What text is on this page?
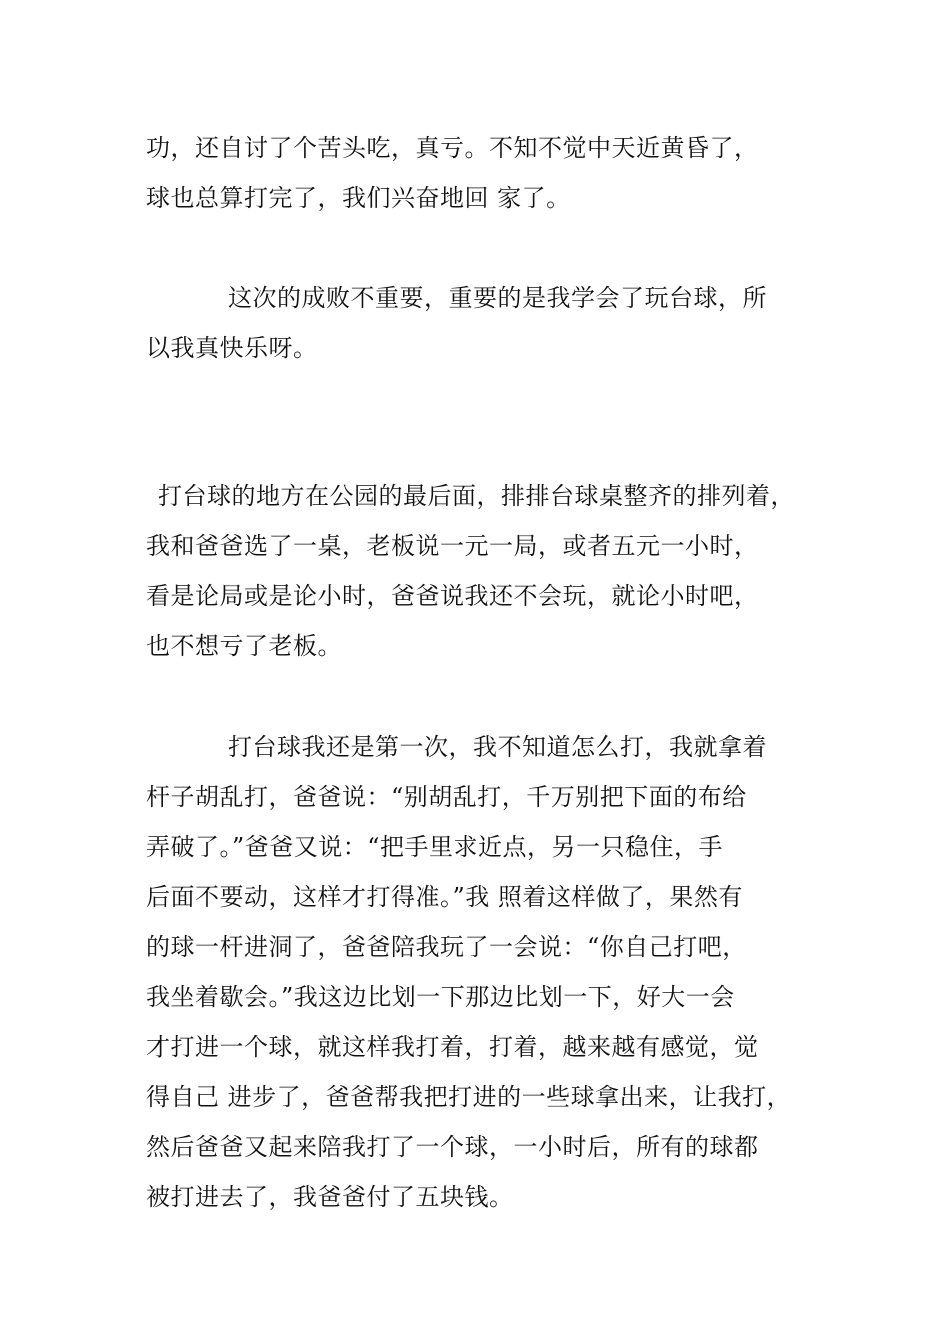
功，还自讨了个苦头吃，真亏。不知不觉中天近黄昏了，
球也总算打完了，我们兴奋地回 家了。
这次的成败不重要，重要的是我学会了玩台球，所
以我真快乐呀。
打台球的地方在公园的最后面，排排台球桌整齐的排列着，
我和爸爸选了一桌，老板说一元一局，或者五元一小时，
看是论局或是论小时，爸爸说我还不会玩，就论小时吧，
也不想亏了老板。
打台球我还是第一次，我不知道怎么打，我就拿着
杆子胡乱打，爸爸说：“别胡乱打，千万别把下面的布给
弄破了。”爸爸又说：“把手里求近点，另一只稳住，手
后面不要动，这样才打得准。”我 照着这样做了，果然有
的球一杆进洞了，爸爸陪我玩了一会说：“你自己打吧，
我坐着歇会。”我这边比划一下那边比划一下，好大一会
才打进一个球，就这样我打着，打着，越来越有感觉，觉
得自己 进步了，爸爸帮我把打进的一些球拿出来，让我打，
然后爸爸又起来陪我打了一个球，一小时后，所有的球都
被打进去了，我爸爸付了五块钱。
